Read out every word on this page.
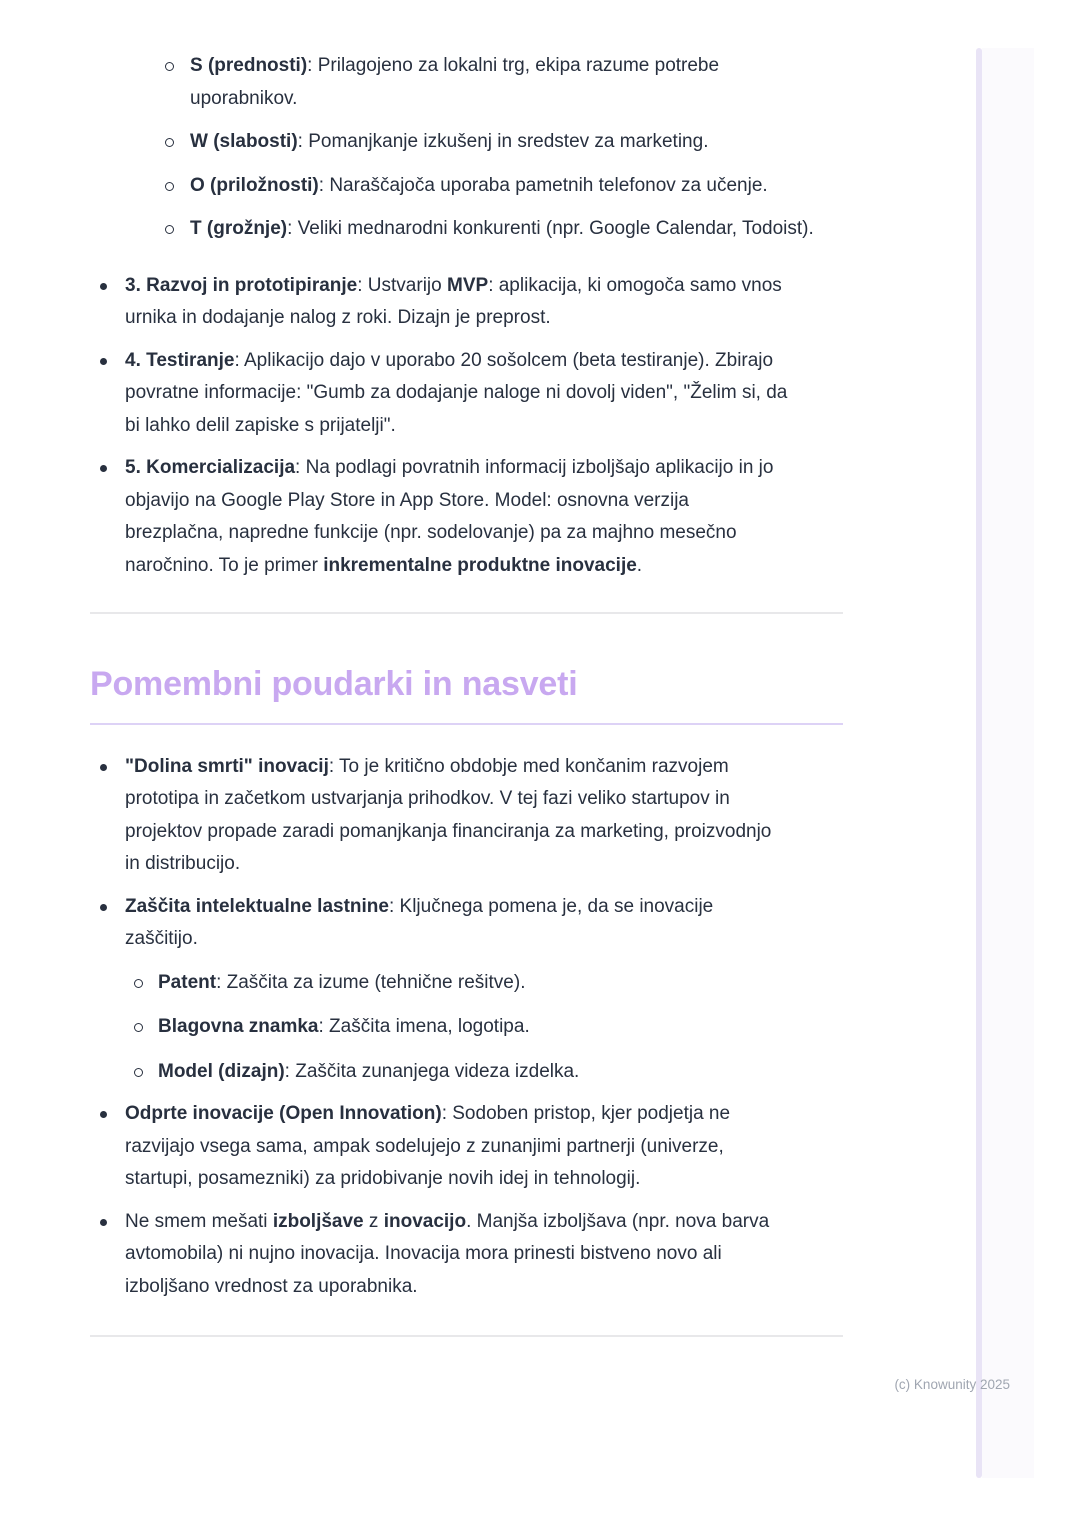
S (prednosti): Prilagojeno za lokalni trg, ekipa razume potrebe uporabnikov.
W (slabosti): Pomanjkanje izkušenj in sredstev za marketing.
O (priložnosti): Naraščajoča uporaba pametnih telefonov za učenje.
T (grožnje): Veliki mednarodni konkurenti (npr. Google Calendar, Todoist).
3. Razvoj in prototipiranje: Ustvarijo MVP: aplikacija, ki omogoča samo vnos urnika in dodajanje nalog z roki. Dizajn je preprost.
4. Testiranje: Aplikacijo dajo v uporabo 20 sošolcem (beta testiranje). Zbirajo povratne informacije: "Gumb za dodajanje naloge ni dovolj viden", "Želim si, da bi lahko delil zapiske s prijatelji".
5. Komercializacija: Na podlagi povratnih informacij izboljšajo aplikacijo in jo objavijo na Google Play Store in App Store. Model: osnovna verzija brezplačna, napredne funkcije (npr. sodelovanje) pa za majhno mesečno naročnino. To je primer inkrementalne produktne inovacije.
Pomembni poudarki in nasveti
"Dolina smrti" inovacij: To je kritično obdobje med končanim razvojem prototipa in začetkom ustvarjanja prihodkov. V tej fazi veliko startupov in projektov propade zaradi pomanjkanja financiranja za marketing, proizvodnjo in distribucijo.
Zaščita intelektualne lastnine: Ključnega pomena je, da se inovacije zaščitijo.
Patent: Zaščita za izume (tehnične rešitve).
Blagovna znamka: Zaščita imena, logotipa.
Model (dizajn): Zaščita zunanjega videza izdelka.
Odprte inovacije (Open Innovation): Sodoben pristop, kjer podjetja ne razvijajo vsega sama, ampak sodelujejo z zunanjimi partnerji (univerze, startupi, posamezniki) za pridobivanje novih idej in tehnologij.
Ne smem mešati izboljšave z inovacijo. Manjša izboljšava (npr. nova barva avtomobila) ni nujno inovacija. Inovacija mora prinesti bistveno novo ali izboljšano vrednost za uporabnika.
(c) Knowunity 2025
